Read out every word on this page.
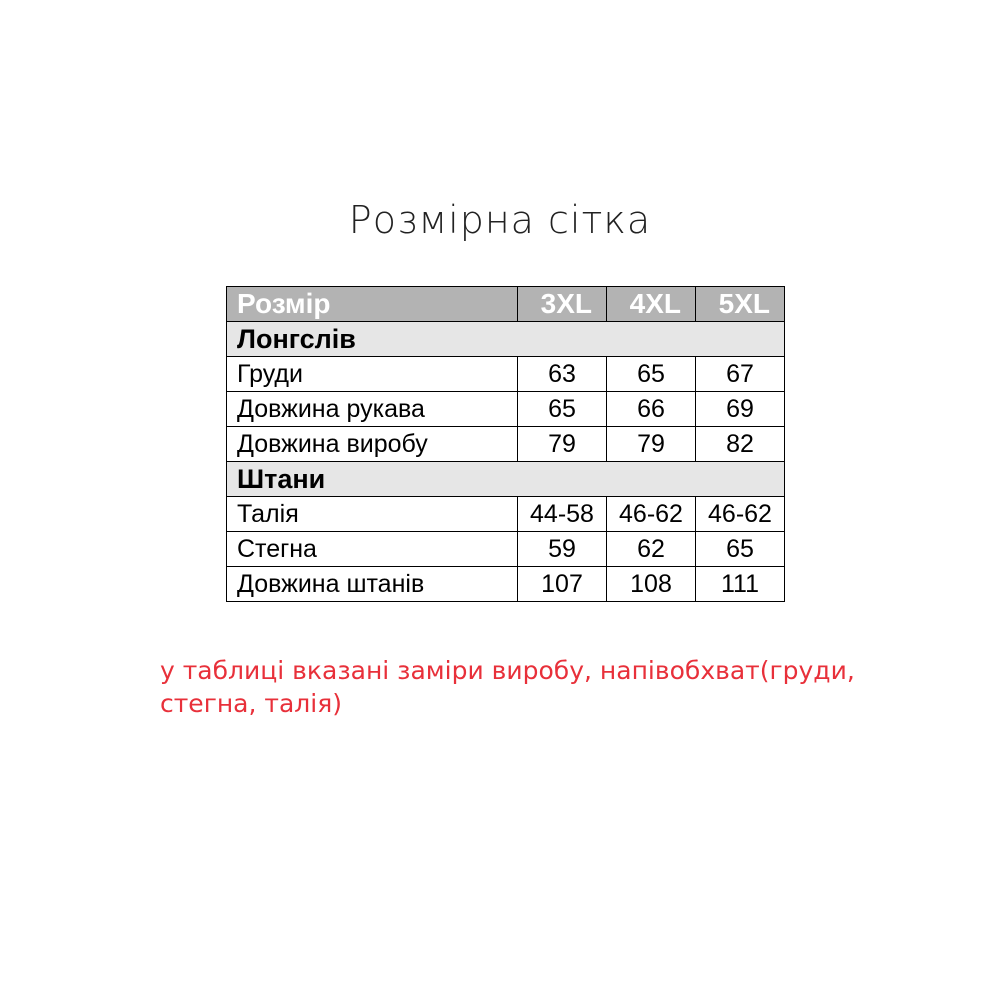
Розмірна сітка
Розмір	3XL	4XL	5XL
Лонгслів			
Груди	63	65	67
Довжина рукава	65	66	69
Довжина виробу	79	79	82
Штани			
Талія	44-58	46-62	46-62
Стегна	59	62	65
Довжина штанів	107	108	111
у таблиці вказані заміри виробу, напівобхват(груди, стегна, талія)
